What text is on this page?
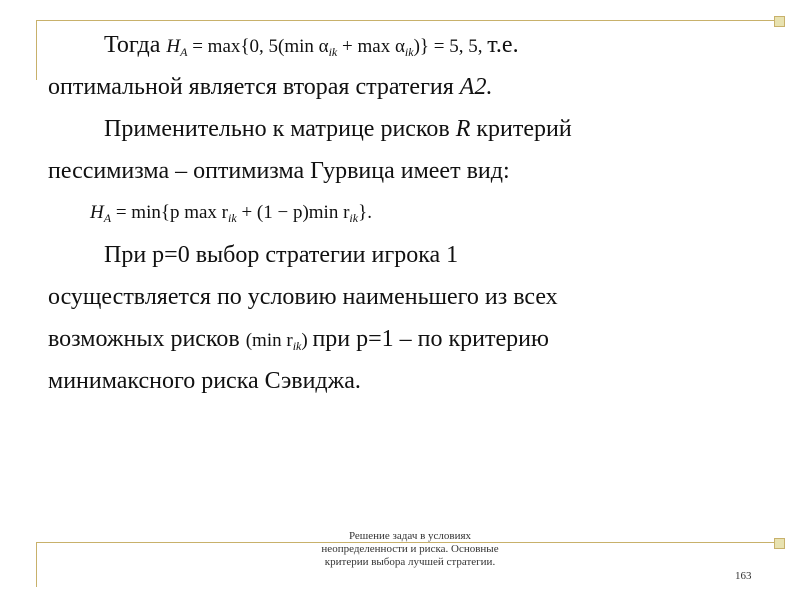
Тогда $H_A = \max\{0$, 5(min $\alpha_{ik} + \max \alpha_{ik})\} = 5$, 5, т.е.
оптимальной является вторая стратегия A2.
Применительно к матрице рисков R критерий
пессимизма – оптимизма Гурвица имеет вид:
$H_A = \min\{p$ $\max r_{ik} + (1 - p)\min$ $r_{ik}$}.
При p=0 выбор стратегии игрока 1
осуществляется по условию наименьшего из всех
возможных рисков (min $r_{ik}$) при p=1 – по критерию
минимаксного риска Сэвиджа.
Решение задач в условиях
неопределенности и риска. Основные
критерии выбора лучшей стратегии.
163
